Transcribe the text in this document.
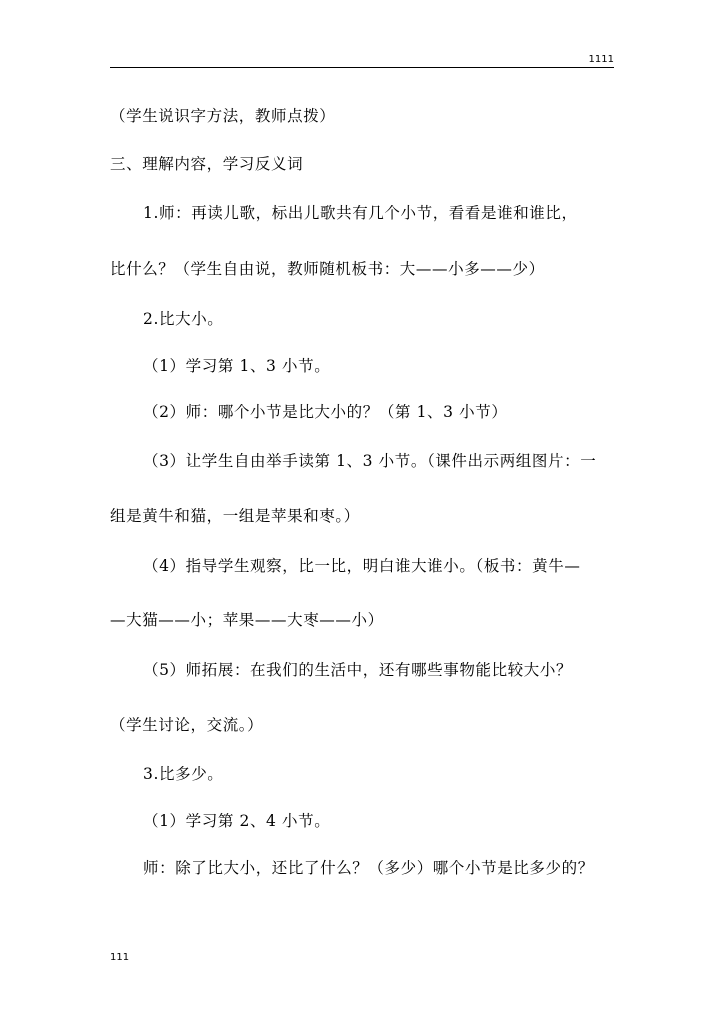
1111
（学生说识字方法，教师点拨）
三、理解内容，学习反义词
1.师：再读儿歌，标出儿歌共有几个小节，看看是谁和谁比，
比什么？（学生自由说，教师随机板书：大——小多——少）
2.比大小。
（1）学习第 1、3 小节。
（2）师：哪个小节是比大小的？（第 1、3 小节）
（3）让学生自由举手读第 1、3 小节。（课件出示两组图片：一
组是黄牛和猫，一组是苹果和枣。）
（4）指导学生观察，比一比，明白谁大谁小。（板书：黄牛—
—大猫——小；苹果——大枣——小）
（5）师拓展：在我们的生活中，还有哪些事物能比较大小？
（学生讨论，交流。）
3.比多少。
（1）学习第 2、4 小节。
师：除了比大小，还比了什么？（多少）哪个小节是比多少的？
111
